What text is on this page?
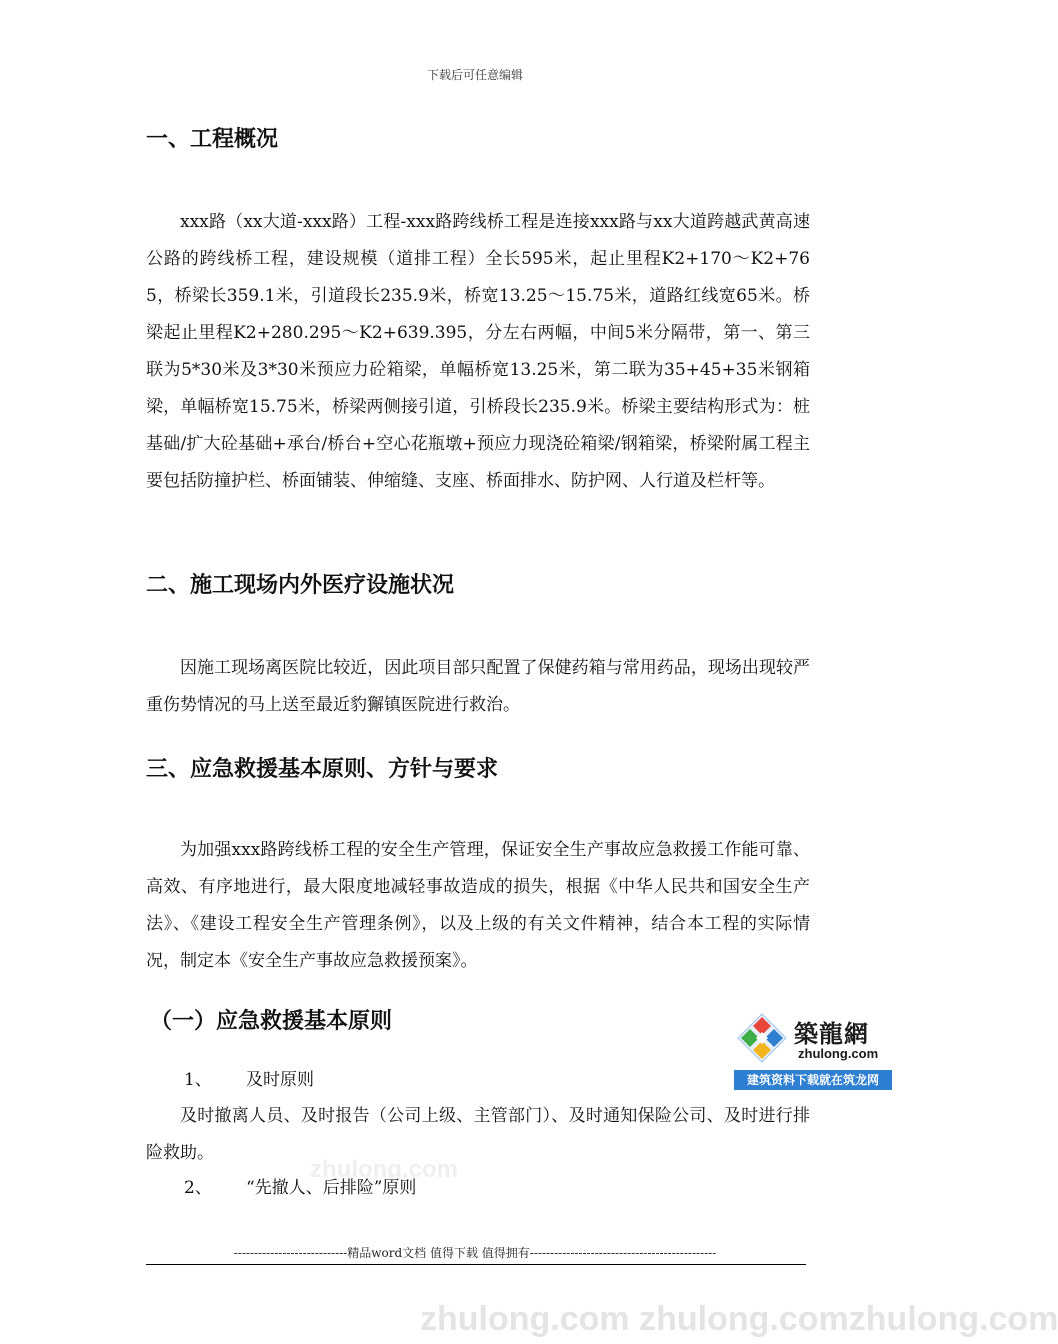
下载后可任意编辑
一、工程概况
xxx路（xx大道-xxx路）工程-xxx路跨线桥工程是连接xxx路与xx大道跨越武黄高速公路的跨线桥工程，建设规模（道排工程）全长595米，起止里程K2+170～K2+765，桥梁长359.1米，引道段长235.9米，桥宽13.25～15.75米，道路红线宽65米。桥梁起止里程K2+280.295～K2+639.395，分左右两幅，中间5米分隔带，第一、第三联为5*30米及3*30米预应力砼箱梁，单幅桥宽13.25米，第二联为35+45+35米钢箱梁，单幅桥宽15.75米，桥梁两侧接引道，引桥段长235.9米。桥梁主要结构形式为：桩基础/扩大砼基础+承台/桥台+空心花瓶墩+预应力现浇砼箱梁/钢箱梁，桥梁附属工程主要包括防撞护栏、桥面铺装、伸缩缝、支座、桥面排水、防护网、人行道及栏杆等。
二、施工现场内外医疗设施状况
因施工现场离医院比较近，因此项目部只配置了保健药箱与常用药品，现场出现较严重伤势情况的马上送至最近豹獬镇医院进行救治。
三、应急救援基本原则、方针与要求
为加强xxx路跨线桥工程的安全生产管理，保证安全生产事故应急救援工作能可靠、高效、有序地进行，最大限度地减轻事故造成的损失，根据《中华人民共和国安全生产法》、《建设工程安全生产管理条例》，以及上级的有关文件精神，结合本工程的实际情况，制定本《安全生产事故应急救援预案》。
（一）应急救援基本原则
1、 及时原则
及时撤离人员、及时报告（公司上级、主管部门）、及时通知保险公司、及时进行排险救助。
zhulong.com
2、 “先撤人、后排险”原则
築龍網
zhulong.com
建筑资料下载就在筑龙网
----------------------------精品word文档 值得下载 值得拥有----------------------------------------------
zhulong.com zhulong.comzhulong.com
